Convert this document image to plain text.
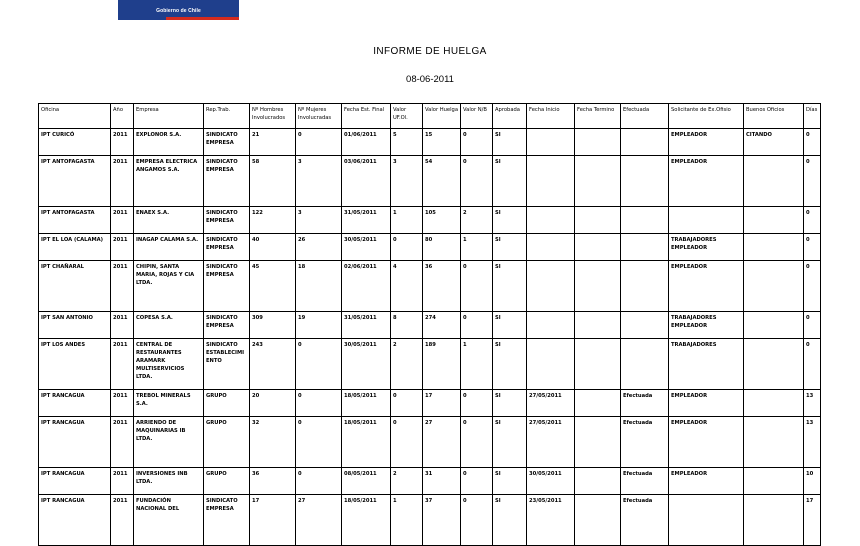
Gobierno de Chile
INFORME DE HUELGA
08-06-2011
Oficina	Año	Empresa	Rep.Trab.	Nº Hombres Involucrados	Nº Mujeres Involucradas	Fecha Est. Final	Valor UF.Ol.	Valor Huelga	Valor N/B	Aprobada	Fecha Inicio	Fecha Termino	Efectuada	Solicitante de Ex.Ofisio	Buenos Oficios	Días
IPT CURICÓ	2011	EXPLONOR S.A.	SINDICATO EMPRESA	21	0	01/06/2011	5	15	0	SI				EMPLEADOR	CITANDO	0
IPT ANTOFAGASTA	2011	EMPRESA ELECTRICA ANGAMOS S.A.	SINDICATO EMPRESA	58	3	03/06/2011	3	54	0	SI				EMPLEADOR		0
IPT ANTOFAGASTA	2011	ENAEX S.A.	SINDICATO EMPRESA	122	3	31/05/2011	1	105	2	SI						0
IPT EL LOA (CALAMA)	2011	INAGAP CALAMA S.A.	SINDICATO EMPRESA	40	26	30/05/2011	0	80	1	SI				TRABAJADORES EMPLEADOR		0
IPT CHAÑARAL	2011	CHIPIN, SANTA MARIA, ROJAS Y CIA LTDA.	SINDICATO EMPRESA	45	18	02/06/2011	4	36	0	SI				EMPLEADOR		0
IPT SAN ANTONIO	2011	COPESA S.A.	SINDICATO EMPRESA	309	19	31/05/2011	8	274	0	SI				TRABAJADORES EMPLEADOR		0
IPT LOS ANDES	2011	CENTRAL DE RESTAURANTES ARAMARK MULTISERVICIOS LTDA.	SINDICATO ESTABLECIMIENTO	243	0	30/05/2011	2	189	1	SI				TRABAJADORES		0
IPT RANCAGUA	2011	TREBOL MINERALS S.A.	GRUPO	20	0	18/05/2011	0	17	0	SI	27/05/2011		Efectuada	EMPLEADOR		13
IPT RANCAGUA	2011	ARRIENDO DE MAQUINARIAS IB LTDA.	GRUPO	32	0	18/05/2011	0	27	0	SI	27/05/2011		Efectuada	EMPLEADOR		13
IPT RANCAGUA	2011	INVERSIONES INB LTDA.	GRUPO	36	0	08/05/2011	2	31	0	SI	30/05/2011		Efectuada	EMPLEADOR		10
IPT RANCAGUA	2011	FUNDACIÓN NACIONAL DEL	SINDICATO EMPRESA	17	27	18/05/2011	1	37	0	SI	23/05/2011		Efectuada			17
